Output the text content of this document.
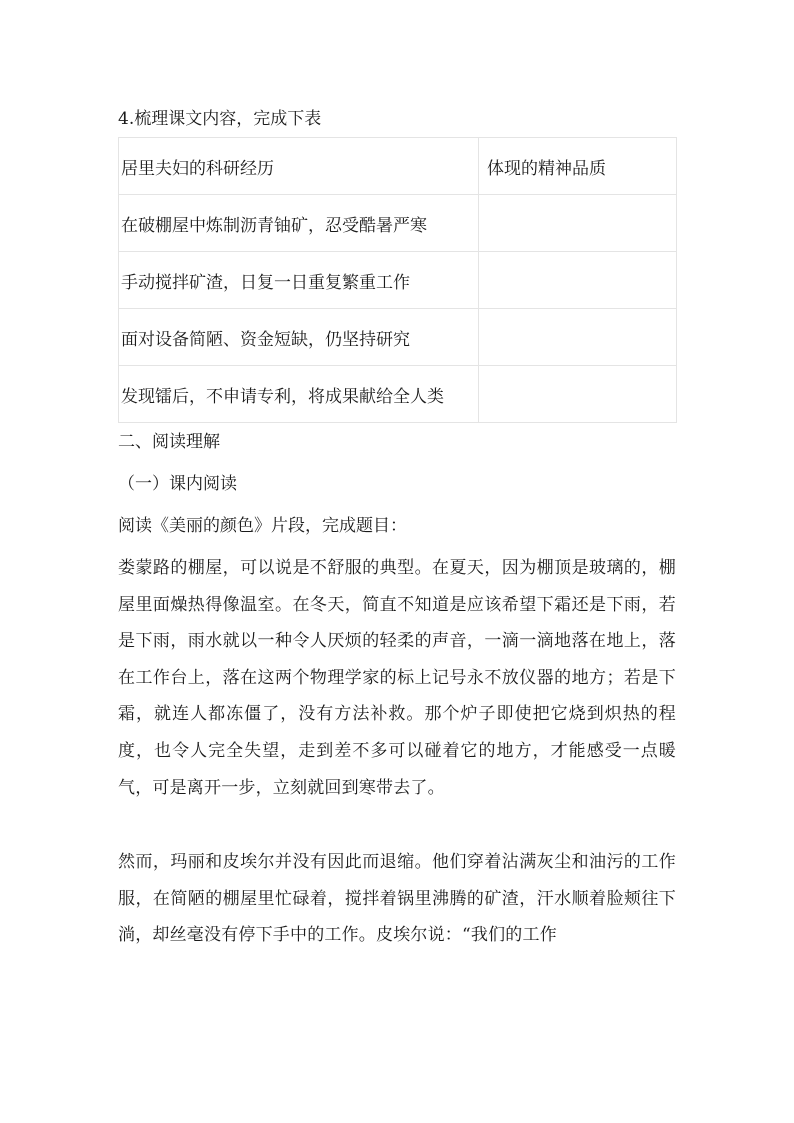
4.梳理课文内容，完成下表
居里夫妇的科研经历	体现的精神品质
在破棚屋中炼制沥青铀矿，忍受酷暑严寒	
手动搅拌矿渣，日复一日重复繁重工作	
面对设备简陋、资金短缺，仍坚持研究	
发现镭后，不申请专利，将成果献给全人类	
二、阅读理解
（一）课内阅读
阅读《美丽的颜色》片段，完成题目：
娄蒙路的棚屋，可以说是不舒服的典型。在夏天，因为棚顶是玻璃的，棚屋里面燥热得像温室。在冬天，简直不知道是应该希望下霜还是下雨，若是下雨，雨水就以一种令人厌烦的轻柔的声音，一滴一滴地落在地上，落在工作台上，落在这两个物理学家的标上记号永不放仪器的地方；若是下霜，就连人都冻僵了，没有方法补救。那个炉子即使把它烧到炽热的程度，也令人完全失望，走到差不多可以碰着它的地方，才能感受一点暖气，可是离开一步，立刻就回到寒带去了。
然而，玛丽和皮埃尔并没有因此而退缩。他们穿着沾满灰尘和油污的工作服，在简陋的棚屋里忙碌着，搅拌着锅里沸腾的矿渣，汗水顺着脸颊往下淌，却丝毫没有停下手中的工作。皮埃尔说：“我们的工作
